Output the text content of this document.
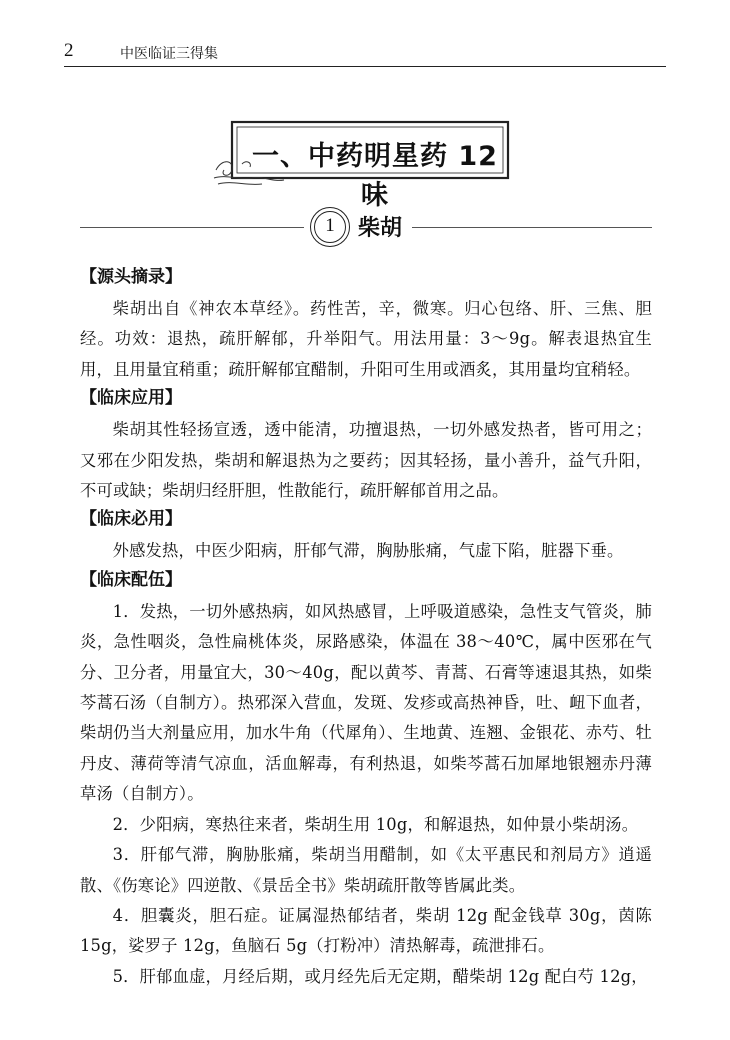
2	中医临证三得集
一、中药明星药 12 味
1	柴胡
【源头摘录】
柴胡出自《神农本草经》。药性苦，辛，微寒。归心包络、肝、三焦、胆经。功效：退热，疏肝解郁，升举阳气。用法用量：3～9g。解表退热宜生用，且用量宜稍重；疏肝解郁宜醋制，升阳可生用或酒炙，其用量均宜稍轻。
【临床应用】
柴胡其性轻扬宣透，透中能清，功擅退热，一切外感发热者，皆可用之；又邪在少阳发热，柴胡和解退热为之要药；因其轻扬，量小善升，益气升阳，不可或缺；柴胡归经肝胆，性散能行，疏肝解郁首用之品。
【临床必用】
外感发热，中医少阳病，肝郁气滞，胸胁胀痛，气虚下陷，脏器下垂。
【临床配伍】
1．发热，一切外感热病，如风热感冒，上呼吸道感染，急性支气管炎，肺炎，急性咽炎，急性扁桃体炎，尿路感染，体温在 38～40℃，属中医邪在气分、卫分者，用量宜大，30～40g，配以黄芩、青蒿、石膏等速退其热，如柴芩蒿石汤（自制方）。热邪深入营血，发斑、发疹或高热神昏，吐、衄下血者，柴胡仍当大剂量应用，加水牛角（代犀角）、生地黄、连翘、金银花、赤芍、牡丹皮、薄荷等清气凉血，活血解毒，有利热退，如柴芩蒿石加犀地银翘赤丹薄草汤（自制方）。
2．少阳病，寒热往来者，柴胡生用 10g，和解退热，如仲景小柴胡汤。
3．肝郁气滞，胸胁胀痛，柴胡当用醋制，如《太平惠民和剂局方》逍遥散、《伤寒论》四逆散、《景岳全书》柴胡疏肝散等皆属此类。
4．胆囊炎，胆石症。证属湿热郁结者，柴胡 12g 配金钱草 30g，茵陈 15g，娑罗子 12g，鱼脑石 5g（打粉冲）清热解毒，疏泄排石。
5．肝郁血虚，月经后期，或月经先后无定期，醋柴胡 12g 配白芍 12g，
